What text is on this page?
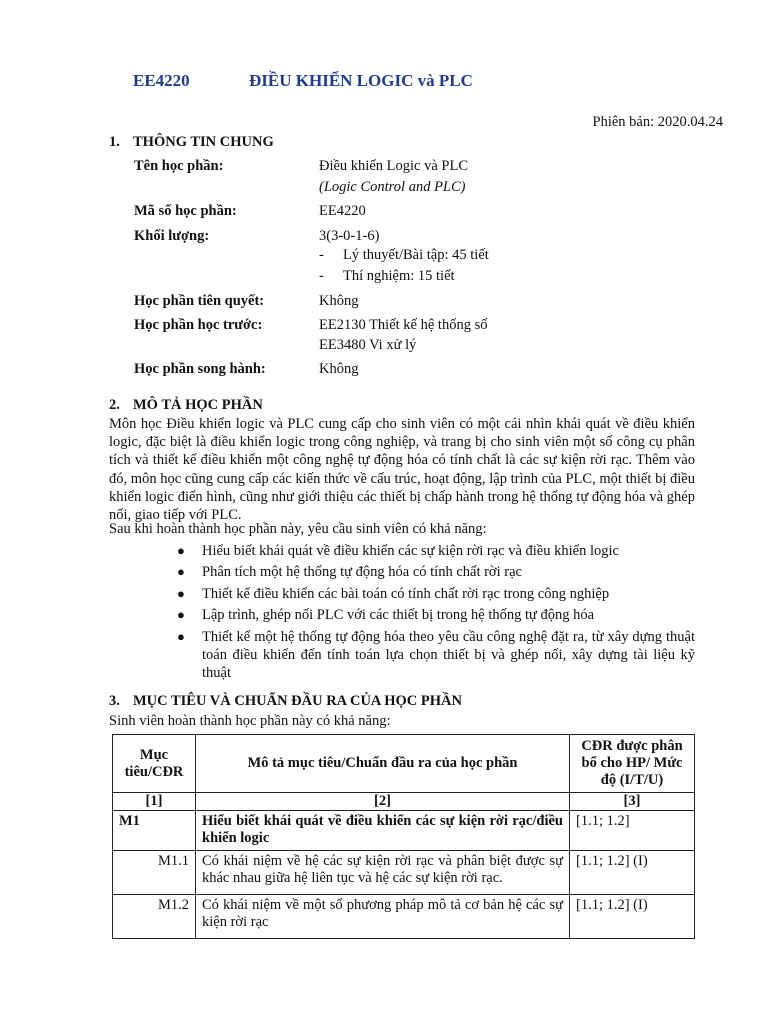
EE4220	ĐIỀU KHIỂN LOGIC và PLC
Phiên bản: 2020.04.24
1. THÔNG TIN CHUNG
Tên học phần:	Điều khiển Logic và PLC
(Logic Control and PLC)
Mã số học phần:	EE4220
Khối lượng:	3(3-0-1-6)
- Lý thuyết/Bài tập: 45 tiết
- Thí nghiệm: 15 tiết
Học phần tiên quyết:	Không
Học phần học trước:	EE2130 Thiết kế hệ thống số
EE3480 Vi xử lý
Học phần song hành:	Không
2. MÔ TẢ HỌC PHẦN
Môn học Điều khiển logic và PLC cung cấp cho sinh viên có một cái nhìn khái quát về điều khiển logic, đặc biệt là điều khiển logic trong công nghiệp, và trang bị cho sinh viên một số công cụ phân tích và thiết kế điều khiển một công nghệ tự động hóa có tính chất là các sự kiện rời rạc. Thêm vào đó, môn học cũng cung cấp các kiến thức về cấu trúc, hoạt động, lập trình của PLC, một thiết bị điều khiển logic điển hình, cũng như giới thiệu các thiết bị chấp hành trong hệ thống tự động hóa và ghép nối, giao tiếp với PLC.
Sau khi hoàn thành học phần này, yêu cầu sinh viên có khả năng:
● Hiểu biết khái quát về điều khiển các sự kiện rời rạc và điều khiển logic
● Phân tích một hệ thống tự động hóa có tính chất rời rạc
● Thiết kế điều khiển các bài toán có tính chất rời rạc trong công nghiệp
● Lập trình, ghép nối PLC với các thiết bị trong hệ thống tự động hóa
● Thiết kế một hệ thống tự động hóa theo yêu cầu công nghệ đặt ra, từ xây dựng thuật toán điều khiển đến tính toán lựa chọn thiết bị và ghép nối, xây dựng tài liệu kỹ thuật
3. MỤC TIÊU VÀ CHUẨN ĐẦU RA CỦA HỌC PHẦN
Sinh viên hoàn thành học phần này có khả năng:
Mục tiêu/CĐR	Mô tả mục tiêu/Chuẩn đầu ra của học phần	CĐR được phân bổ cho HP/ Mức độ (I/T/U)
[1]	[2]	[3]
M1	Hiểu biết khái quát về điều khiển các sự kiện rời rạc/điều khiển logic	[1.1; 1.2]
M1.1	Có khái niệm về hệ các sự kiện rời rạc và phân biệt được sự khác nhau giữa hệ liên tục và hệ các sự kiện rời rạc.	[1.1; 1.2] (I)
M1.2	Có khái niệm về một số phương pháp mô tả cơ bản hệ các sự kiện rời rạc	[1.1; 1.2] (I)
